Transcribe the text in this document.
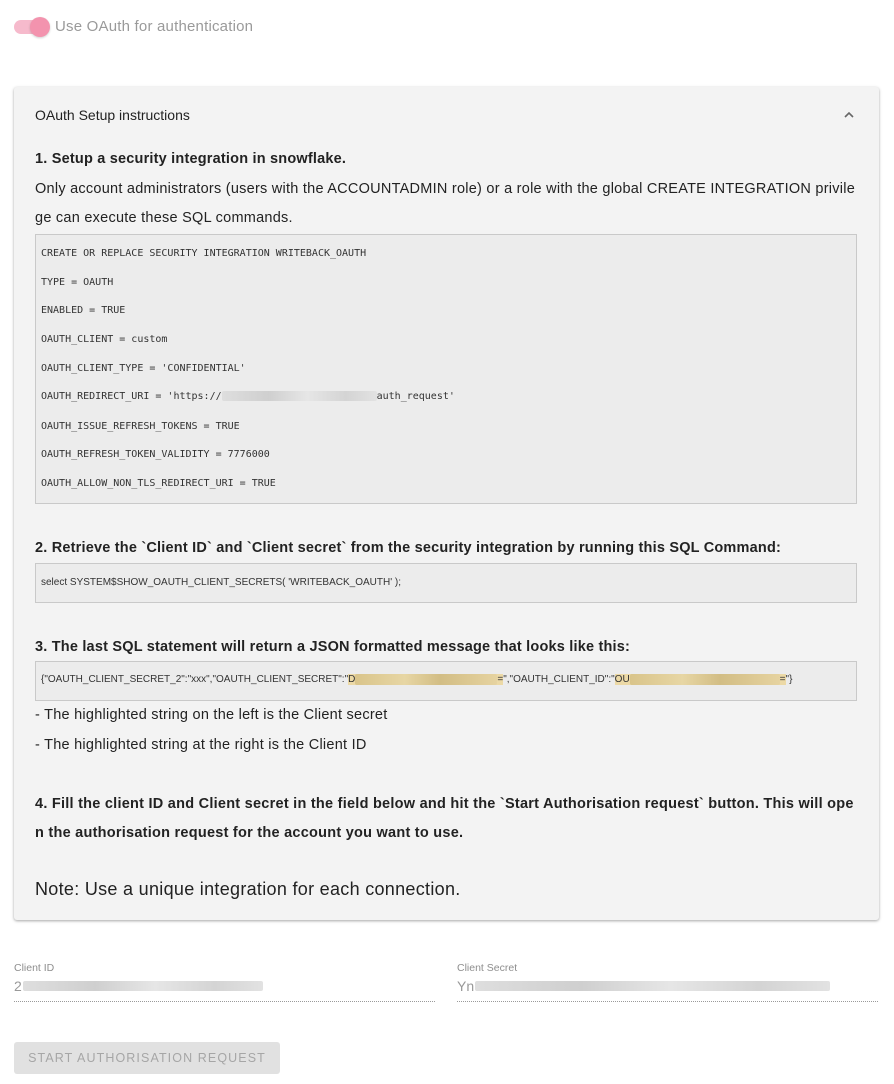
Use OAuth for authentication
OAuth Setup instructions
1. Setup a security integration in snowflake.
Only account administrators (users with the ACCOUNTADMIN role) or a role with the global CREATE INTEGRATION privilege can execute these SQL commands.
CREATE OR REPLACE SECURITY INTEGRATION WRITEBACK_OAUTH
TYPE = OAUTH
ENABLED = TRUE
OAUTH_CLIENT = custom
OAUTH_CLIENT_TYPE = 'CONFIDENTIAL'
OAUTH_REDIRECT_URI = 'https://	auth_request'
OAUTH_ISSUE_REFRESH_TOKENS = TRUE
OAUTH_REFRESH_TOKEN_VALIDITY = 7776000
OAUTH_ALLOW_NON_TLS_REDIRECT_URI = TRUE
2. Retrieve the `Client ID` and `Client secret` from the security integration by running this SQL Command:
select SYSTEM$SHOW_OAUTH_CLIENT_SECRETS( 'WRITEBACK_OAUTH' );
3. The last SQL statement will return a JSON formatted message that looks like this:
{"OAUTH_CLIENT_SECRET_2":"xxx","OAUTH_CLIENT_SECRET":"D	=","OAUTH_CLIENT_ID":"OU	="}
- The highlighted string on the left is the Client secret
- The highlighted string at the right is the Client ID
4. Fill the client ID and Client secret in the field below and hit the `Start Authorisation request` button. This will open the authorisation request for the account you want to use.
Note: Use a unique integration for each connection.
Client ID
2
Client Secret
Yn
START AUTHORISATION REQUEST
